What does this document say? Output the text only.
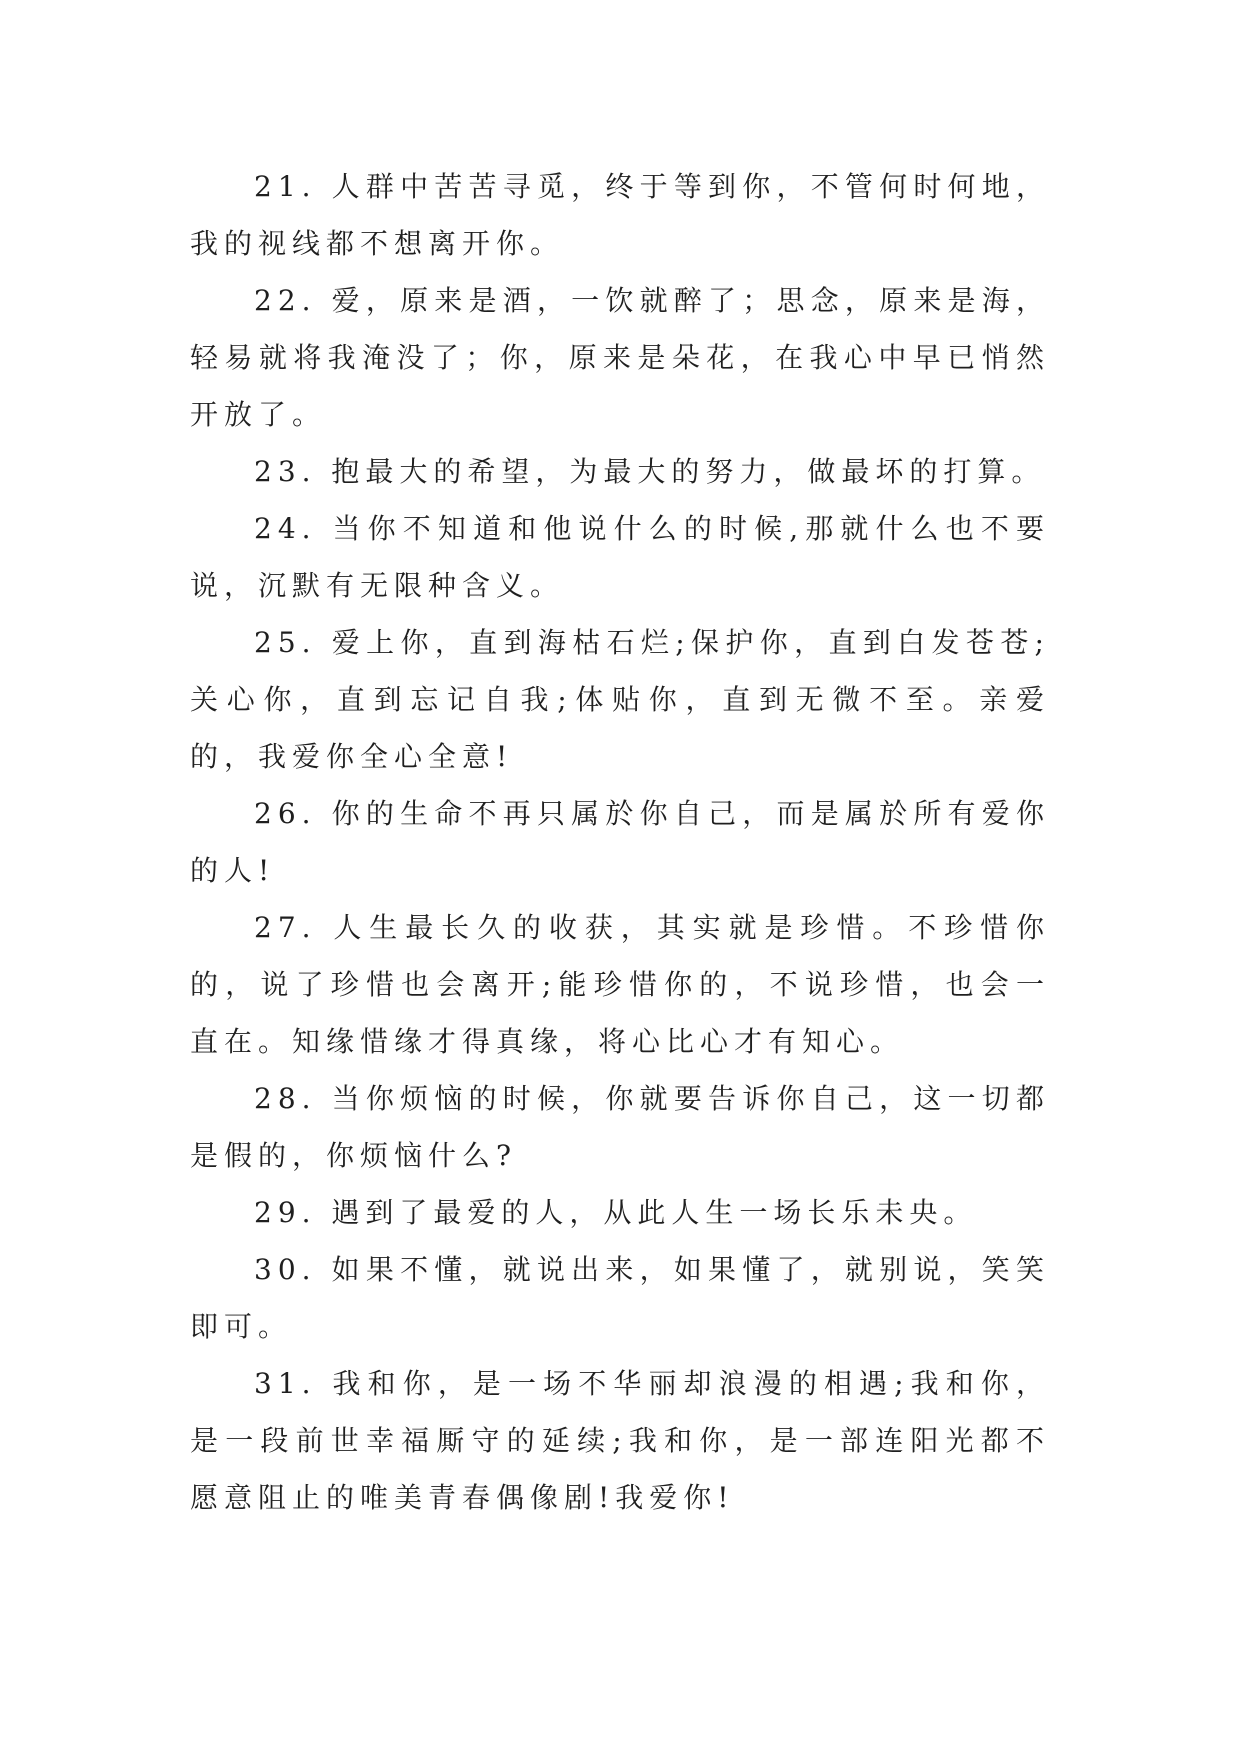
21. 人群中苦苦寻觅，终于等到你，不管何时何地，我的视线都不想离开你。

22. 爱，原来是酒，一饮就醉了；思念，原来是海，轻易就将我淹没了；你，原来是朵花，在我心中早已悄然开放了。

23. 抱最大的希望，为最大的努力，做最坏的打算。

24. 当你不知道和他说什么的时候,那就什么也不要说，沉默有无限种含义。

25. 爱上你，直到海枯石烂;保护你，直到白发苍苍;关心你，直到忘记自我;体贴你，直到无微不至。亲爱的，我爱你全心全意!

26. 你的生命不再只属於你自己，而是属於所有爱你的人!

27. 人生最长久的收获，其实就是珍惜。不珍惜你的，说了珍惜也会离开;能珍惜你的，不说珍惜，也会一直在。知缘惜缘才得真缘，将心比心才有知心。

28. 当你烦恼的时候，你就要告诉你自己，这一切都是假的，你烦恼什么?

29. 遇到了最爱的人，从此人生一场长乐未央。

30. 如果不懂，就说出来，如果懂了，就别说，笑笑即可。

31. 我和你，是一场不华丽却浪漫的相遇;我和你，是一段前世幸福厮守的延续;我和你，是一部连阳光都不愿意阻止的唯美青春偶像剧!我爱你!
